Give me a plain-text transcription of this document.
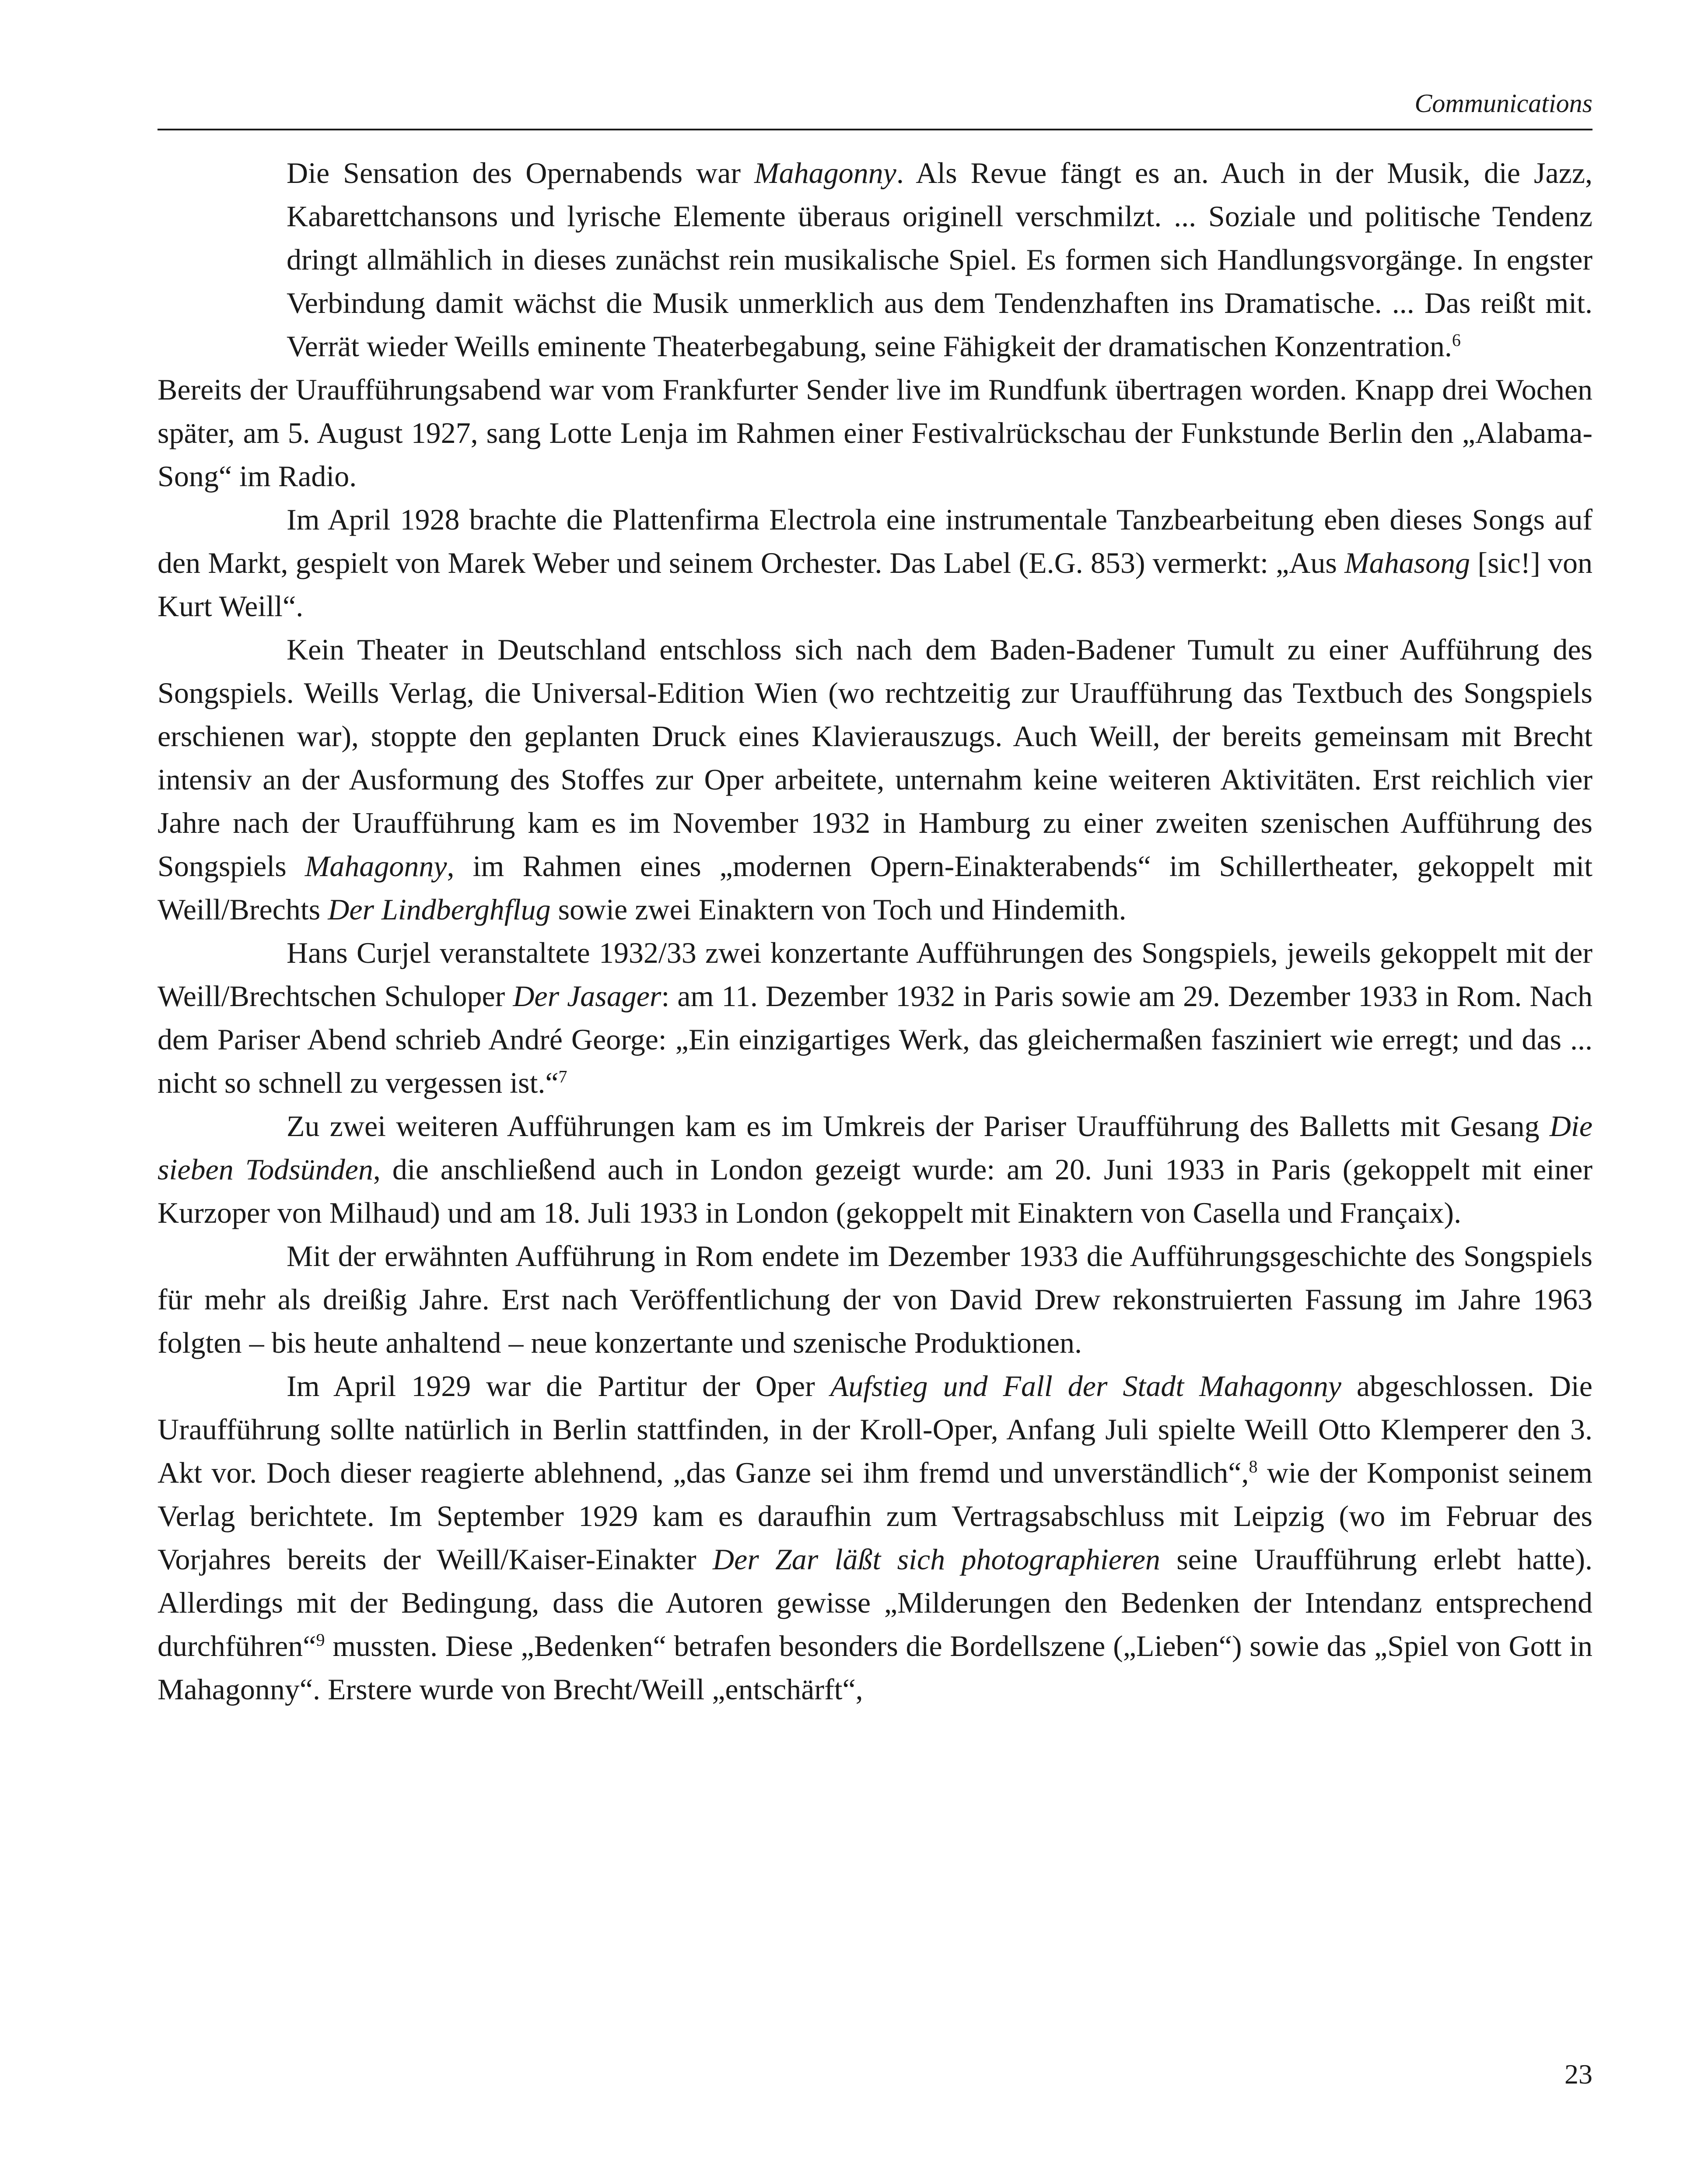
Communications

Die Sensation des Opernabends war Mahagonny. Als Revue fängt es an. Auch in der Musik, die Jazz, Kabarettchansons und lyrische Elemente überaus originell verschmilzt. ... Soziale und politische Tendenz dringt allmählich in dieses zunächst rein musikalische Spiel. Es formen sich Handlungsvorgänge. In engster Verbindung damit wächst die Musik unmerklich aus dem Tendenzhaften ins Dramatische. ... Das reißt mit. Verrät wieder Weills eminente Theaterbegabung, seine Fähigkeit der dramatischen Konzentration.$^6$

Bereits der Uraufführungsabend war vom Frankfurter Sender live im Rundfunk übertragen worden. Knapp drei Wochen später, am 5. August 1927, sang Lotte Lenja im Rahmen einer Festivalrückschau der Funkstunde Berlin den „Alabama-Song“ im Radio.

Im April 1928 brachte die Plattenfirma Electrola eine instrumentale Tanzbearbeitung eben dieses Songs auf den Markt, gespielt von Marek Weber und seinem Orchester. Das Label (E.G. 853) vermerkt: „Aus Mahasong [sic!] von Kurt Weill“.

Kein Theater in Deutschland entschloss sich nach dem Baden-Badener Tumult zu einer Aufführung des Songspiels. Weills Verlag, die Universal-Edition Wien (wo rechtzeitig zur Uraufführung das Textbuch des Songspiels erschienen war), stoppte den geplanten Druck eines Klavierauszugs. Auch Weill, der bereits gemeinsam mit Brecht intensiv an der Ausformung des Stoffes zur Oper arbeitete, unternahm keine weiteren Aktivitäten. Erst reichlich vier Jahre nach der Uraufführung kam es im November 1932 in Hamburg zu einer zweiten szenischen Aufführung des Songspiels Mahagonny, im Rahmen eines „modernen Opern-Einakterabends“ im Schillertheater, gekoppelt mit Weill/Brechts Der Lindberghflug sowie zwei Einaktern von Toch und Hindemith.

Hans Curjel veranstaltete 1932/33 zwei konzertante Aufführungen des Songspiels, jeweils gekoppelt mit der Weill/Brechtschen Schuloper Der Jasager: am 11. Dezember 1932 in Paris sowie am 29. Dezember 1933 in Rom. Nach dem Pariser Abend schrieb André George: „Ein einzigartiges Werk, das gleichermaßen fasziniert wie erregt; und das ... nicht so schnell zu vergessen ist.“$^7$

Zu zwei weiteren Aufführungen kam es im Umkreis der Pariser Uraufführung des Balletts mit Gesang Die sieben Todsünden, die anschließend auch in London gezeigt wurde: am 20. Juni 1933 in Paris (gekoppelt mit einer Kurzoper von Milhaud) und am 18. Juli 1933 in London (gekoppelt mit Einaktern von Casella und Françaix).

Mit der erwähnten Aufführung in Rom endete im Dezember 1933 die Aufführungsgeschichte des Songspiels für mehr als dreißig Jahre. Erst nach Veröffentlichung der von David Drew rekonstruierten Fassung im Jahre 1963 folgten – bis heute anhaltend – neue konzertante und szenische Produktionen.

Im April 1929 war die Partitur der Oper Aufstieg und Fall der Stadt Mahagonny abgeschlossen. Die Uraufführung sollte natürlich in Berlin stattfinden, in der Kroll-Oper, Anfang Juli spielte Weill Otto Klemperer den 3. Akt vor. Doch dieser reagierte ablehnend, „das Ganze sei ihm fremd und unverständlich“,$^8$ wie der Komponist seinem Verlag berichtete. Im September 1929 kam es daraufhin zum Vertragsabschluss mit Leipzig (wo im Februar des Vorjahres bereits der Weill/Kaiser-Einakter Der Zar läßt sich photographieren seine Uraufführung erlebt hatte). Allerdings mit der Bedingung, dass die Autoren gewisse „Milderungen den Bedenken der Intendanz entsprechend durchführen“$^9$ mussten. Diese „Bedenken“ betrafen besonders die Bordellszene („Lieben“) sowie das „Spiel von Gott in Mahagonny“. Erstere wurde von Brecht/Weill „entschärft“,

23
